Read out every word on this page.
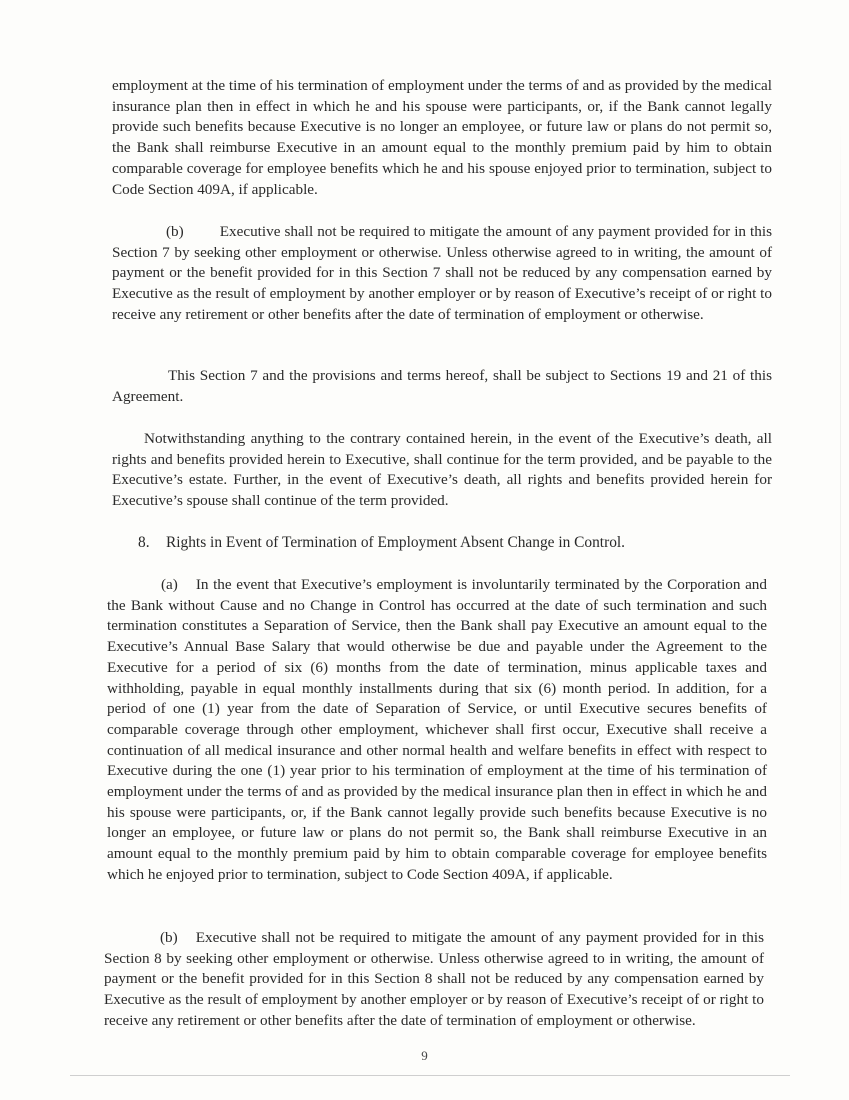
employment at the time of his termination of employment under the terms of and as provided by the medical insurance plan then in effect in which he and his spouse were participants, or, if the Bank cannot legally provide such benefits because Executive is no longer an employee, or future law or plans do not permit so, the Bank shall reimburse Executive in an amount equal to the monthly premium paid by him to obtain comparable coverage for employee benefits which he and his spouse enjoyed prior to termination, subject to Code Section 409A, if applicable.

(b) Executive shall not be required to mitigate the amount of any payment provided for in this Section 7 by seeking other employment or otherwise. Unless otherwise agreed to in writing, the amount of payment or the benefit provided for in this Section 7 shall not be reduced by any compensation earned by Executive as the result of employment by another employer or by reason of Executive’s receipt of or right to receive any retirement or other benefits after the date of termination of employment or otherwise.

This Section 7 and the provisions and terms hereof, shall be subject to Sections 19 and 21 of this Agreement.

Notwithstanding anything to the contrary contained herein, in the event of the Executive’s death, all rights and benefits provided herein to Executive, shall continue for the term provided, and be payable to the Executive’s estate. Further, in the event of Executive’s death, all rights and benefits provided herein for Executive’s spouse shall continue of the term provided.

8. Rights in Event of Termination of Employment Absent Change in Control.

(a) In the event that Executive’s employment is involuntarily terminated by the Corporation and the Bank without Cause and no Change in Control has occurred at the date of such termination and such termination constitutes a Separation of Service, then the Bank shall pay Executive an amount equal to the Executive’s Annual Base Salary that would otherwise be due and payable under the Agreement to the Executive for a period of six (6) months from the date of termination, minus applicable taxes and withholding, payable in equal monthly installments during that six (6) month period. In addition, for a period of one (1) year from the date of Separation of Service, or until Executive secures benefits of comparable coverage through other employment, whichever shall first occur, Executive shall receive a continuation of all medical insurance and other normal health and welfare benefits in effect with respect to Executive during the one (1) year prior to his termination of employment at the time of his termination of employment under the terms of and as provided by the medical insurance plan then in effect in which he and his spouse were participants, or, if the Bank cannot legally provide such benefits because Executive is no longer an employee, or future law or plans do not permit so, the Bank shall reimburse Executive in an amount equal to the monthly premium paid by him to obtain comparable coverage for employee benefits which he enjoyed prior to termination, subject to Code Section 409A, if applicable.

(b) Executive shall not be required to mitigate the amount of any payment provided for in this Section 8 by seeking other employment or otherwise. Unless otherwise agreed to in writing, the amount of payment or the benefit provided for in this Section 8 shall not be reduced by any compensation earned by Executive as the result of employment by another employer or by reason of Executive’s receipt of or right to receive any retirement or other benefits after the date of termination of employment or otherwise.

9
